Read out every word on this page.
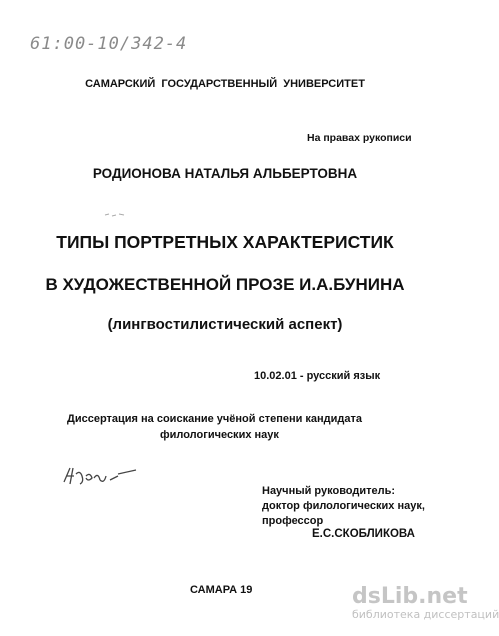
61:00-10/342-4
САМАРСКИЙ ГОСУДАРСТВЕННЫЙ УНИВЕРСИТЕТ
На правах рукописи
РОДИОНОВА НАТАЛЬЯ АЛЬБЕРТОВНА
ТИПЫ ПОРТРЕТНЫХ ХАРАКТЕРИСТИК
В ХУДОЖЕСТВЕННОЙ ПРОЗЕ И.А.БУНИНА
(лингвостилистический аспект)
10.02.01 - русский язык
Диссертация на соискание учёной степени кандидата
филологических наук
Научный руководитель:
доктор филологических наук,
профессор
Е.С.СКОБЛИКОВА
САМАРА 19	dsLib.net
библиотека диссертаций
